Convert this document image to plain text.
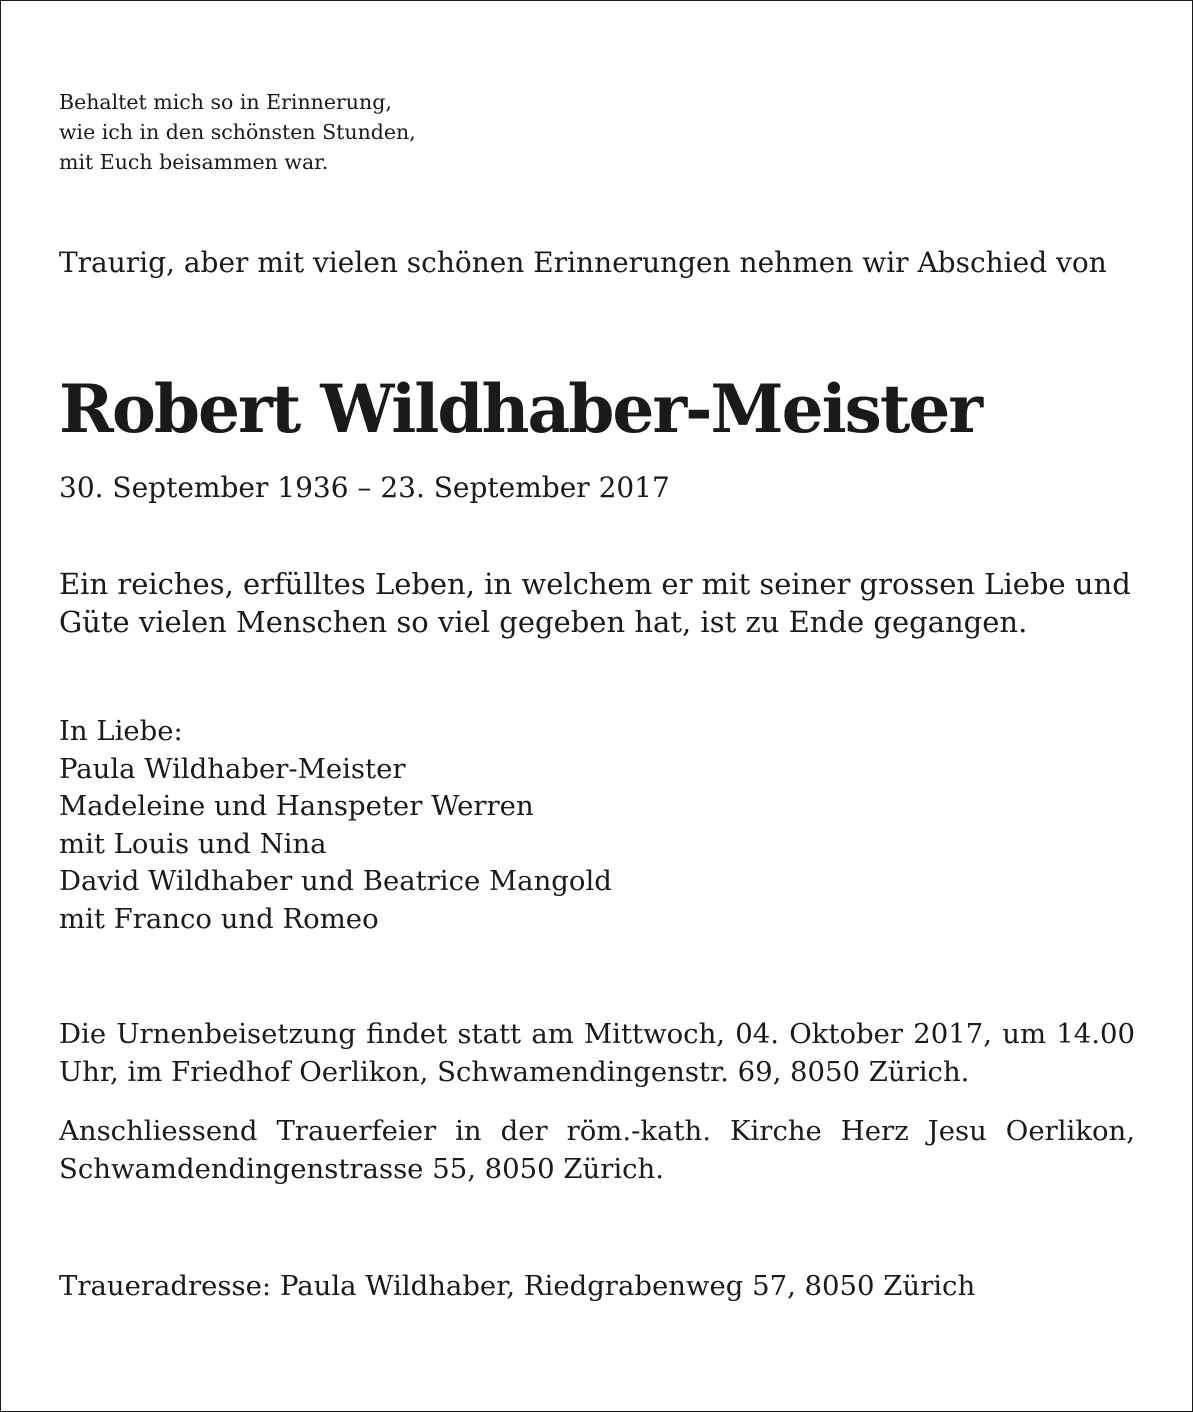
Behaltet mich so in Erinnerung,
wie ich in den schönsten Stunden,
mit Euch beisammen war.

Traurig, aber mit vielen schönen Erinnerungen nehmen wir Abschied von

Robert Wildhaber-Meister

30. September 1936 – 23. September 2017

Ein reiches, erfülltes Leben, in welchem er mit seiner grossen Liebe und Güte vielen Menschen so viel gegeben hat, ist zu Ende gegangen.

In Liebe:
Paula Wildhaber-Meister
Madeleine und Hanspeter Werren
mit Louis und Nina
David Wildhaber und Beatrice Mangold
mit Franco und Romeo

Die Urnenbeisetzung findet statt am Mittwoch, 04. Oktober 2017, um 14.00 Uhr, im Friedhof Oerlikon, Schwamendingenstr. 69, 8050 Zürich.

Anschliessend Trauerfeier in der röm.-kath. Kirche Herz Jesu Oerlikon, Schwamdendingenstrasse 55, 8050 Zürich.

Traueradresse: Paula Wildhaber, Riedgrabenweg 57, 8050 Zürich
